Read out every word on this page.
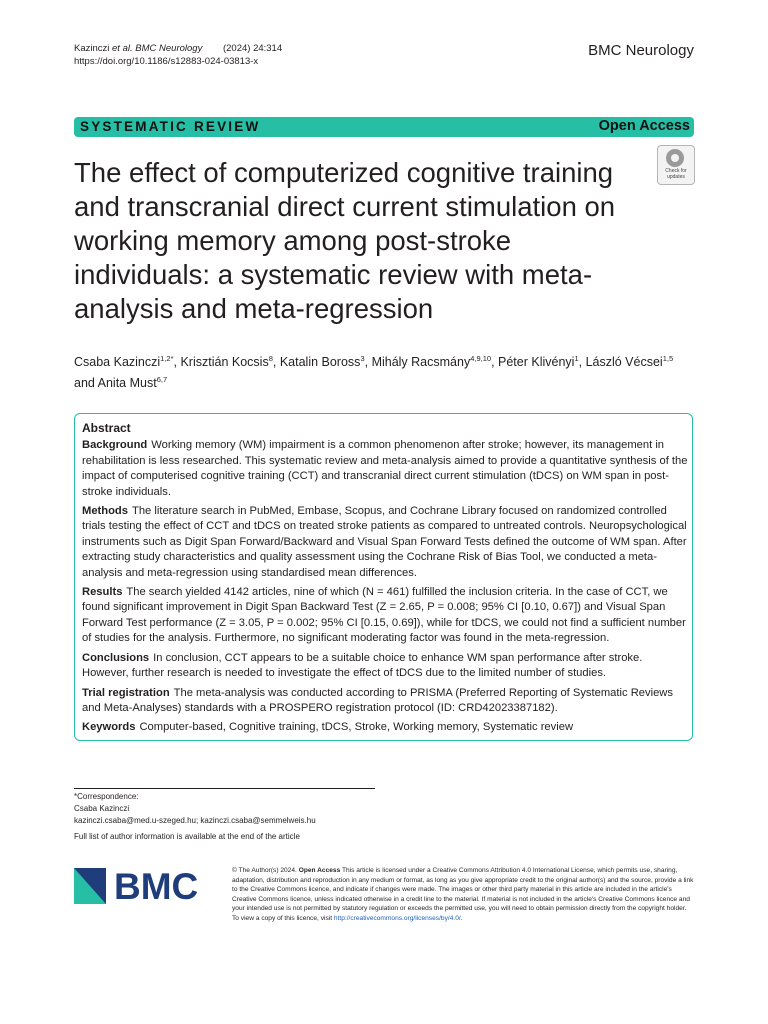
Kazinczi et al. BMC Neurology (2024) 24:314
https://doi.org/10.1186/s12883-024-03813-x
BMC Neurology
SYSTEMATIC REVIEW	Open Access
The effect of computerized cognitive training and transcranial direct current stimulation on working memory among post-stroke individuals: a systematic review with meta-analysis and meta-regression
Check for updates
Csaba Kazinczi$^{1,2*}$, Krisztián Kocsis$^8$, Katalin Boross$^3$, Mihály Racsmány$^{4,9,10}$, Péter Klivényi$^1$, László Vécsei$^{1,5}$ and Anita Must$^{6,7}$
Abstract
Background Working memory (WM) impairment is a common phenomenon after stroke; however, its management in rehabilitation is less researched. This systematic review and meta-analysis aimed to provide a quantitative synthesis of the impact of computerised cognitive training (CCT) and transcranial direct current stimulation (tDCS) on WM span in post-stroke individuals.
Methods The literature search in PubMed, Embase, Scopus, and Cochrane Library focused on randomized controlled trials testing the effect of CCT and tDCS on treated stroke patients as compared to untreated controls. Neuropsychological instruments such as Digit Span Forward/Backward and Visual Span Forward Tests defined the outcome of WM span. After extracting study characteristics and quality assessment using the Cochrane Risk of Bias Tool, we conducted a meta-analysis and meta-regression using standardised mean differences.
Results The search yielded 4142 articles, nine of which (N = 461) fulfilled the inclusion criteria. In the case of CCT, we found significant improvement in Digit Span Backward Test (Z = 2.65, P = 0.008; 95% CI [0.10, 0.67]) and Visual Span Forward Test performance (Z = 3.05, P = 0.002; 95% CI [0.15, 0.69]), while for tDCS, we could not find a sufficient number of studies for the analysis. Furthermore, no significant moderating factor was found in the meta-regression.
Conclusions In conclusion, CCT appears to be a suitable choice to enhance WM span performance after stroke. However, further research is needed to investigate the effect of tDCS due to the limited number of studies.
Trial registration The meta-analysis was conducted according to PRISMA (Preferred Reporting of Systematic Reviews and Meta-Analyses) standards with a PROSPERO registration protocol (ID: CRD42023387182).
Keywords Computer-based, Cognitive training, tDCS, Stroke, Working memory, Systematic review
*Correspondence:
Csaba Kazinczi
kazinczi.csaba@med.u-szeged.hu; kazinczi.csaba@semmelweis.hu
Full list of author information is available at the end of the article
BMC	© The Author(s) 2024. Open Access This article is licensed under a Creative Commons Attribution 4.0 International License, which permits use, sharing, adaptation, distribution and reproduction in any medium or format, as long as you give appropriate credit to the original author(s) and the source, provide a link to the Creative Commons licence, and indicate if changes were made. The images or other third party material in this article are included in the article's Creative Commons licence, unless indicated otherwise in a credit line to the material. If material is not included in the article's Creative Commons licence and your intended use is not permitted by statutory regulation or exceeds the permitted use, you will need to obtain permission directly from the copyright holder. To view a copy of this licence, visit http://creativecommons.org/licenses/by/4.0/.
